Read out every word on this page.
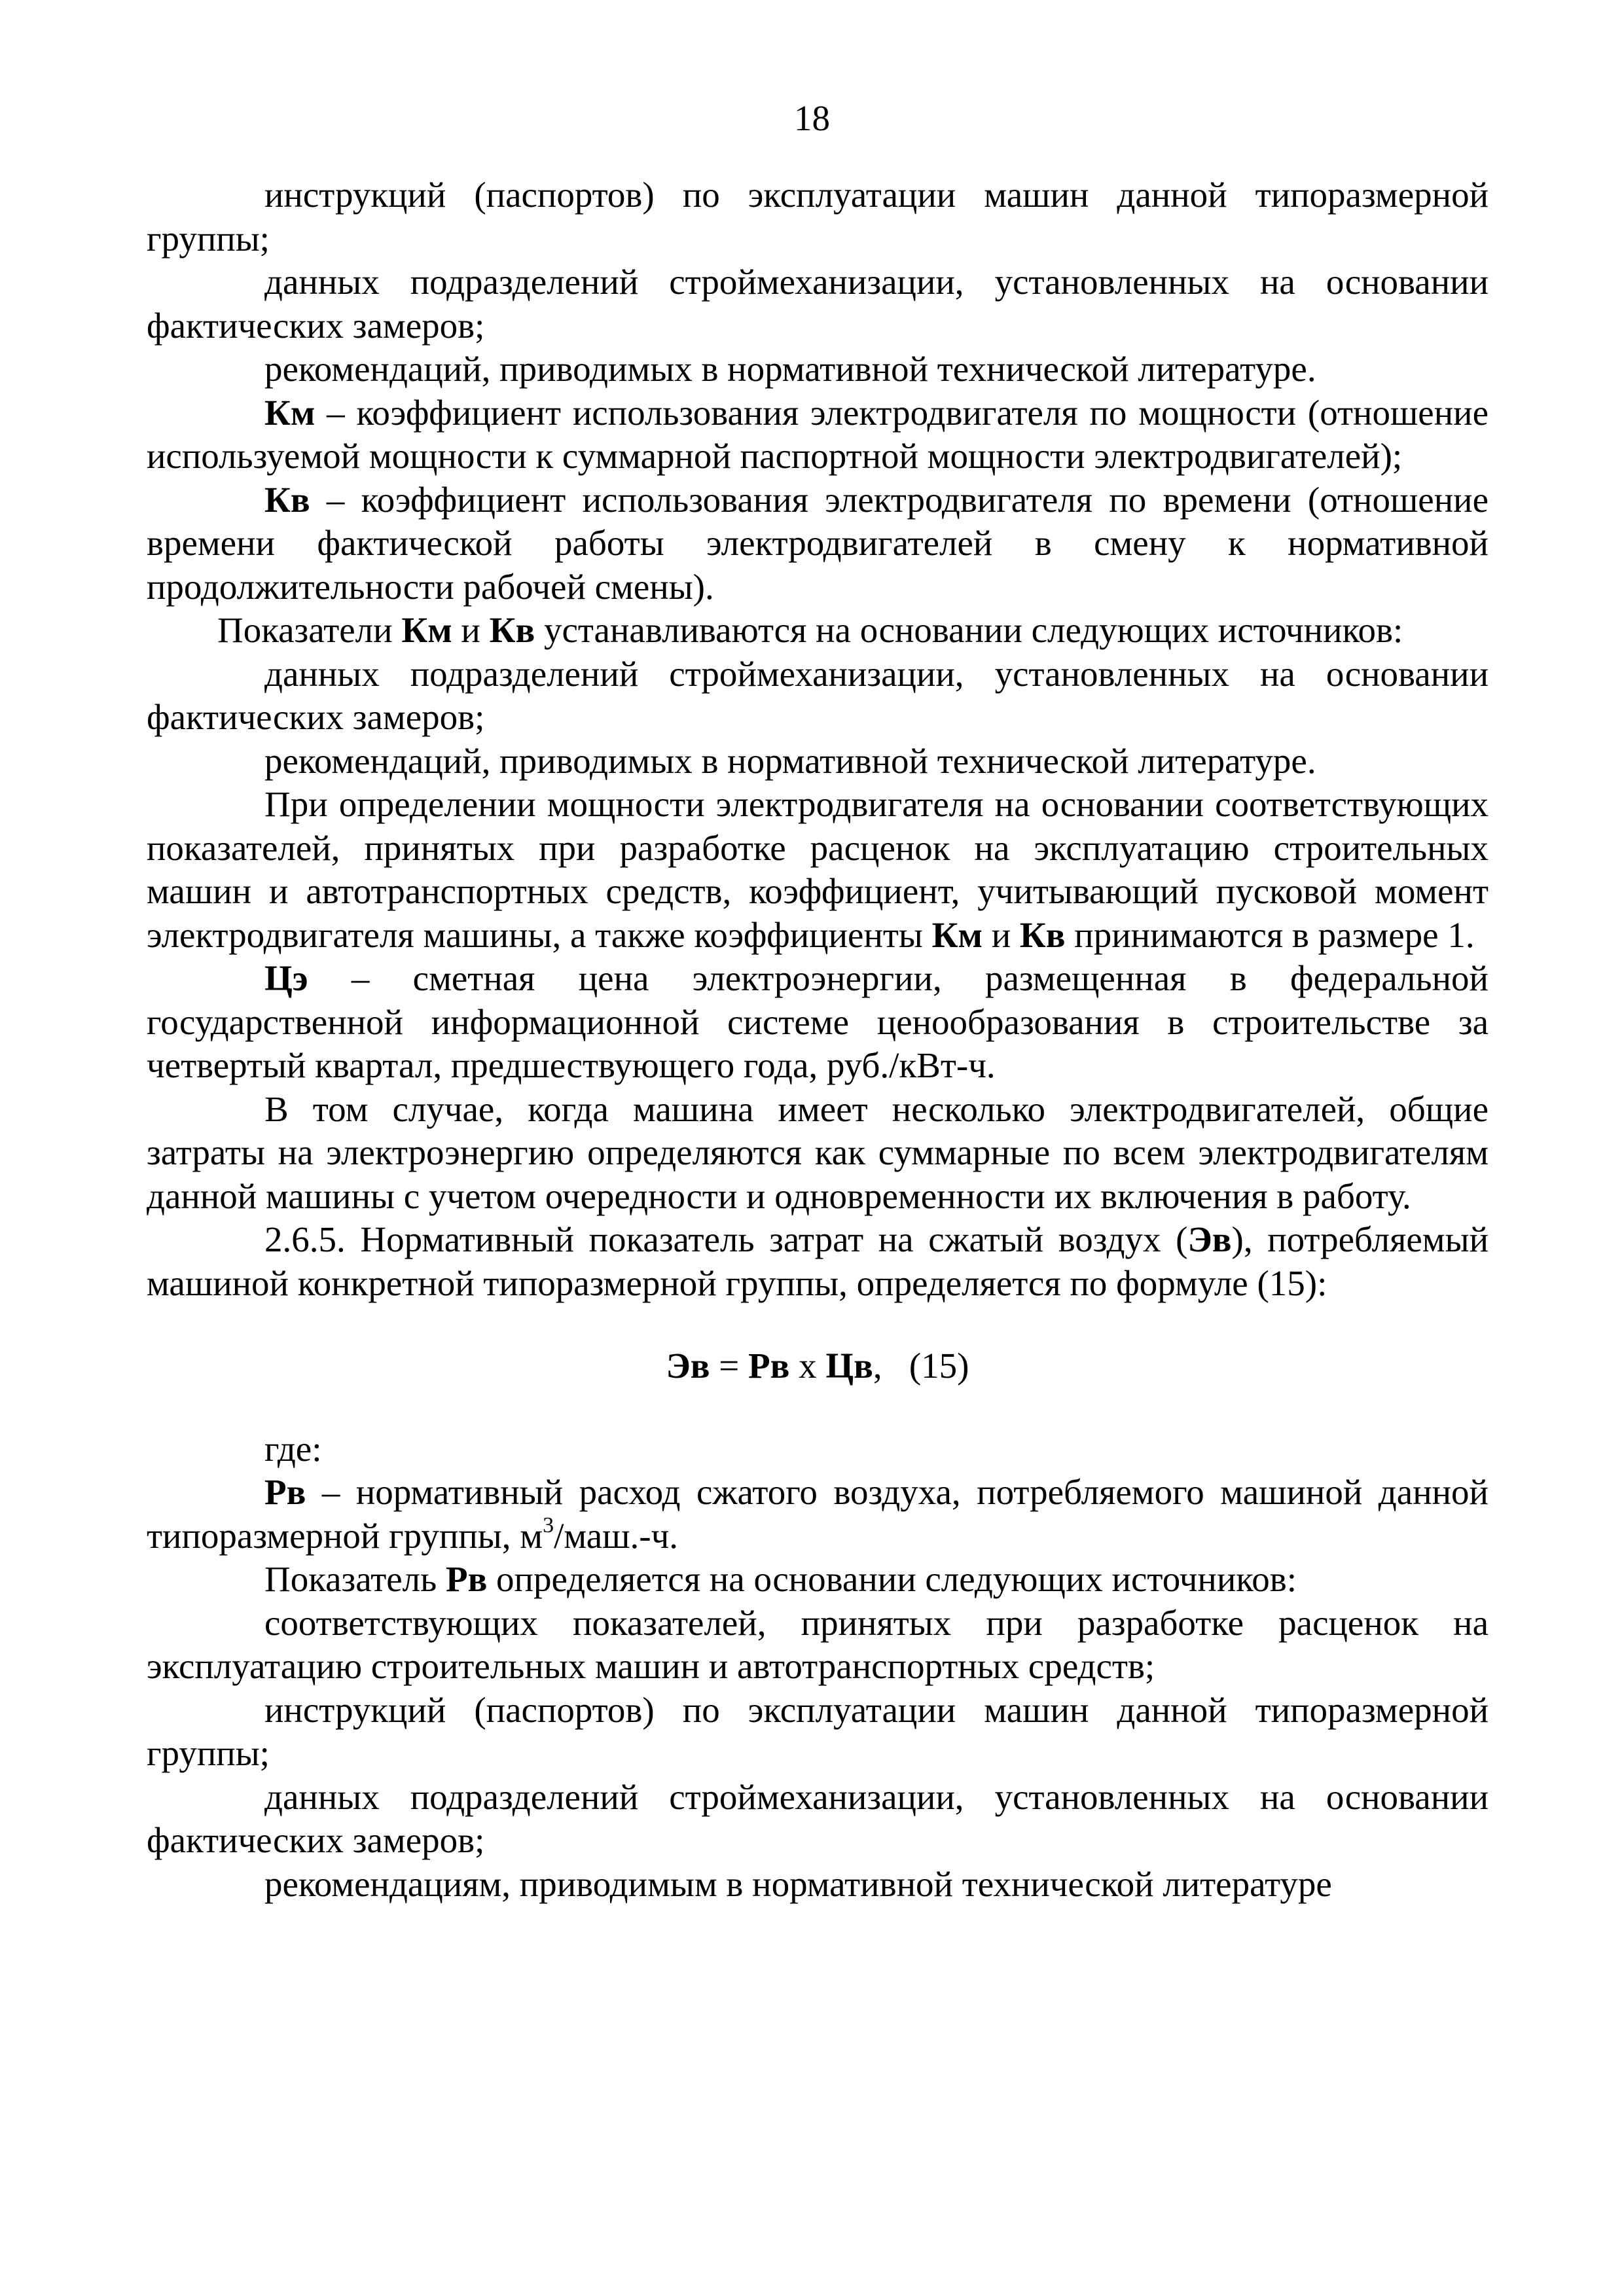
18

инструкций (паспортов) по эксплуатации машин данной типоразмерной группы;

данных подразделений строймеханизации, установленных на основании фактических замеров;

рекомендаций, приводимых в нормативной технической литературе.

Км – коэффициент использования электродвигателя по мощности (отношение используемой мощности к суммарной паспортной мощности электродвигателей);

Кв – коэффициент использования электродвигателя по времени (отношение времени фактической работы электродвигателей в смену к нормативной продолжительности рабочей смены).

Показатели Км и Кв устанавливаются на основании следующих источников:

данных подразделений строймеханизации, установленных на основании фактических замеров;

рекомендаций, приводимых в нормативной технической литературе.

При определении мощности электродвигателя на основании соответствующих показателей, принятых при разработке расценок на эксплуатацию строительных машин и автотранспортных средств, коэффициент, учитывающий пусковой момент электродвигателя машины, а также коэффициенты Км и Кв принимаются в размере 1.

Цэ – сметная цена электроэнергии, размещенная в федеральной государственной информационной системе ценообразования в строительстве за четвертый квартал, предшествующего года, руб./кВт-ч.

В том случае, когда машина имеет несколько электродвигателей, общие затраты на электроэнергию определяются как суммарные по всем электродвигателям данной машины с учетом очередности и одновременности их включения в работу.

2.6.5. Нормативный показатель затрат на сжатый воздух (Эв), потребляемый машиной конкретной типоразмерной группы, определяется по формуле (15):

Эв = Рв х Цв, (15)

где:

Рв – нормативный расход сжатого воздуха, потребляемого машиной данной типоразмерной группы, $м^3/маш.-ч$.

Показатель Рв определяется на основании следующих источников:

соответствующих показателей, принятых при разработке расценок на эксплуатацию строительных машин и автотранспортных средств;

инструкций (паспортов) по эксплуатации машин данной типоразмерной группы;

данных подразделений строймеханизации, установленных на основании фактических замеров;

рекомендациям, приводимым в нормативной технической литературе
